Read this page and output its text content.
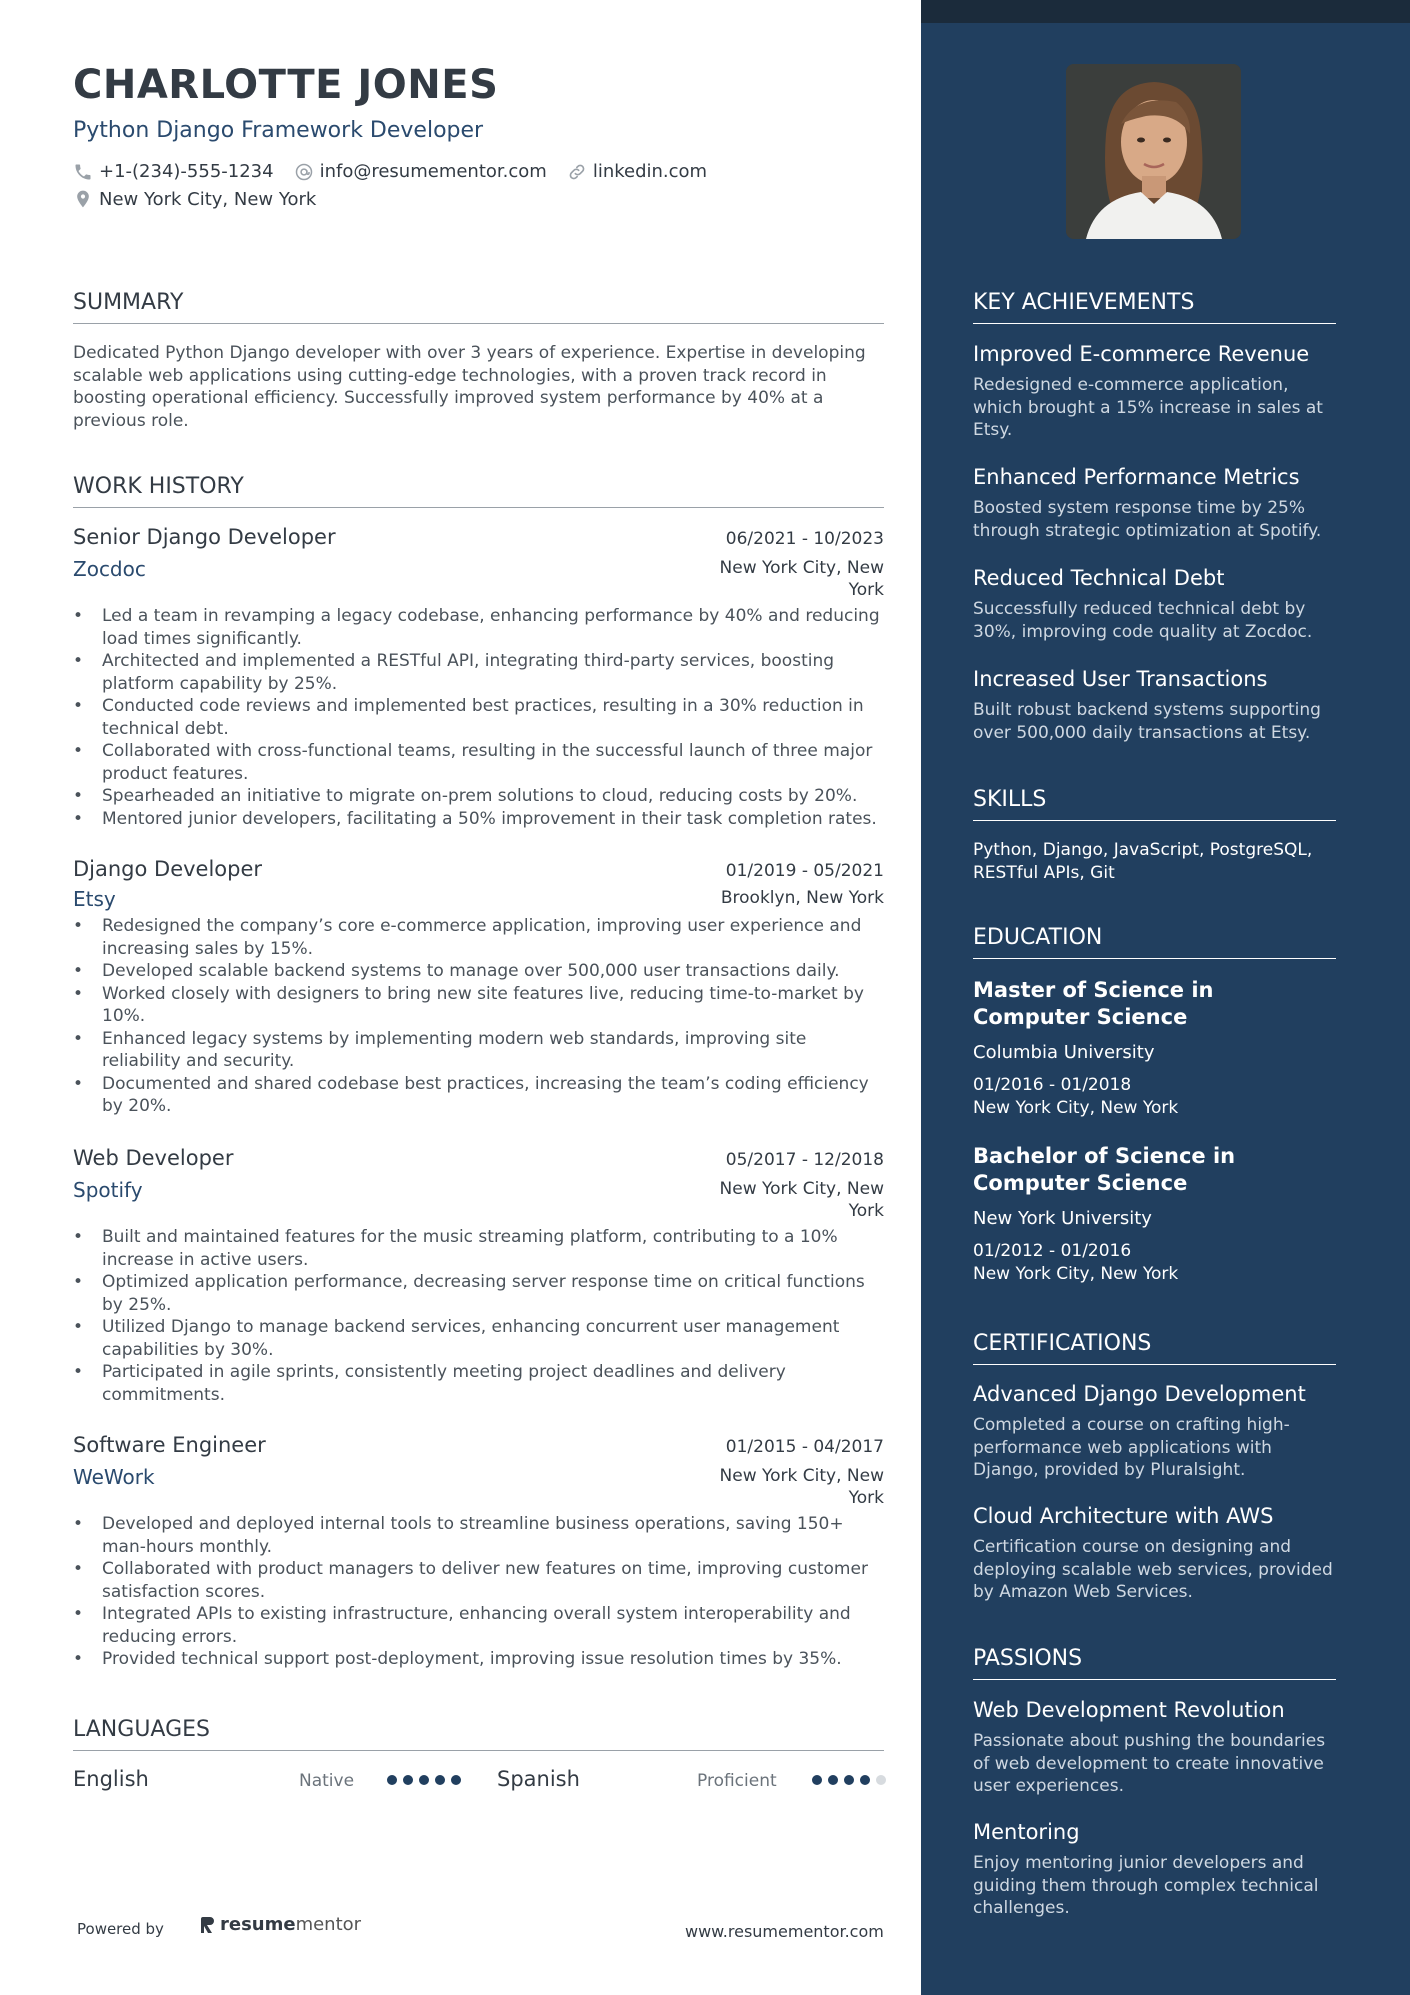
CHARLOTTE JONES
Python Django Framework Developer
+1-(234)-555-1234	info@resumementor.com	linkedin.com
New York City, New York
SUMMARY
Dedicated Python Django developer with over 3 years of experience. Expertise in developing scalable web applications using cutting-edge technologies, with a proven track record in boosting operational efficiency. Successfully improved system performance by 40% at a previous role.
WORK HISTORY
Senior Django Developer	06/2021 - 10/2023
Zocdoc	New York City, New York
• Led a team in revamping a legacy codebase, enhancing performance by 40% and reducing load times significantly.
• Architected and implemented a RESTful API, integrating third-party services, boosting platform capability by 25%.
• Conducted code reviews and implemented best practices, resulting in a 30% reduction in technical debt.
• Collaborated with cross-functional teams, resulting in the successful launch of three major product features.
• Spearheaded an initiative to migrate on-prem solutions to cloud, reducing costs by 20%.
• Mentored junior developers, facilitating a 50% improvement in their task completion rates.
Django Developer	01/2019 - 05/2021
Etsy	Brooklyn, New York
• Redesigned the company’s core e-commerce application, improving user experience and increasing sales by 15%.
• Developed scalable backend systems to manage over 500,000 user transactions daily.
• Worked closely with designers to bring new site features live, reducing time-to-market by 10%.
• Enhanced legacy systems by implementing modern web standards, improving site reliability and security.
• Documented and shared codebase best practices, increasing the team’s coding efficiency by 20%.
Web Developer	05/2017 - 12/2018
Spotify	New York City, New York
• Built and maintained features for the music streaming platform, contributing to a 10% increase in active users.
• Optimized application performance, decreasing server response time on critical functions by 25%.
• Utilized Django to manage backend services, enhancing concurrent user management capabilities by 30%.
• Participated in agile sprints, consistently meeting project deadlines and delivery commitments.
Software Engineer	01/2015 - 04/2017
WeWork	New York City, New York
• Developed and deployed internal tools to streamline business operations, saving 150+ man-hours monthly.
• Collaborated with product managers to deliver new features on time, improving customer satisfaction scores.
• Integrated APIs to existing infrastructure, enhancing overall system interoperability and reducing errors.
• Provided technical support post-deployment, improving issue resolution times by 35%.
LANGUAGES
English	Native	Spanish	Proficient
Powered by	resume mentor	www.resumementor.com
KEY ACHIEVEMENTS
Improved E-commerce Revenue
Redesigned e-commerce application, which brought a 15% increase in sales at Etsy.
Enhanced Performance Metrics
Boosted system response time by 25% through strategic optimization at Spotify.
Reduced Technical Debt
Successfully reduced technical debt by 30%, improving code quality at Zocdoc.
Increased User Transactions
Built robust backend systems supporting over 500,000 daily transactions at Etsy.
SKILLS
Python, Django, JavaScript, PostgreSQL, RESTful APIs, Git
EDUCATION
Master of Science in Computer Science
Columbia University
01/2016 - 01/2018
New York City, New York
Bachelor of Science in Computer Science
New York University
01/2012 - 01/2016
New York City, New York
CERTIFICATIONS
Advanced Django Development
Completed a course on crafting high-performance web applications with Django, provided by Pluralsight.
Cloud Architecture with AWS
Certification course on designing and deploying scalable web services, provided by Amazon Web Services.
PASSIONS
Web Development Revolution
Passionate about pushing the boundaries of web development to create innovative user experiences.
Mentoring
Enjoy mentoring junior developers and guiding them through complex technical challenges.
